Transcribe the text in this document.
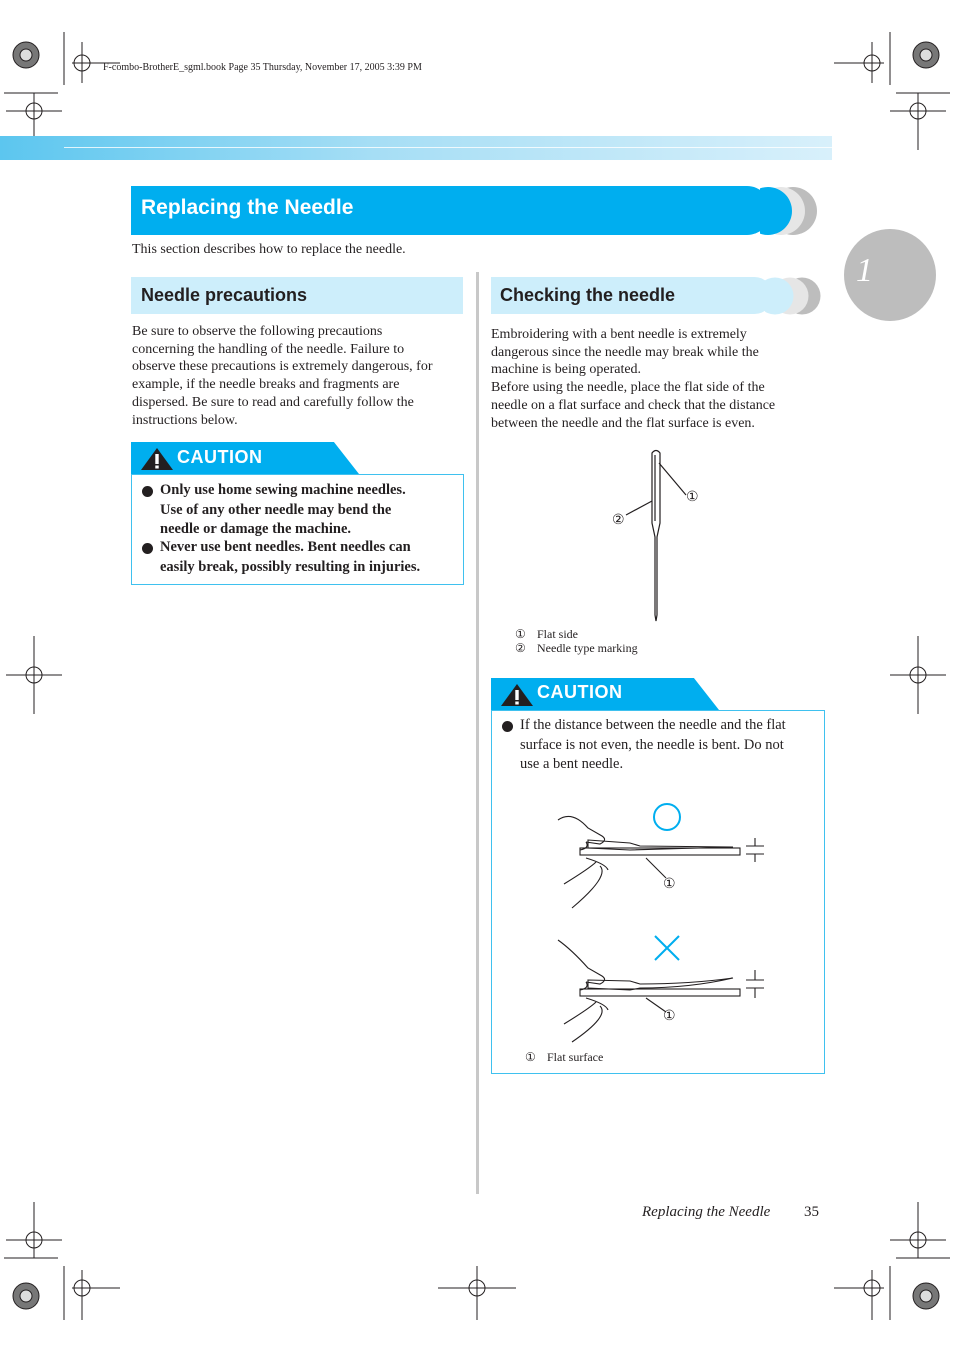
F-combo-BrotherE_sgml.book Page 35 Thursday, November 17, 2005 3:39 PM
Replacing the Needle
1
This section describes how to replace the needle.
Needle precautions
Be sure to observe the following precautions
concerning the handling of the needle. Failure to
observe these precautions is extremely dangerous, for
example, if the needle breaks and fragments are
dispersed. Be sure to read and carefully follow the
instructions below.
CAUTION
Only use home sewing machine needles.
Use of any other needle may bend the
needle or damage the machine.
Never use bent needles. Bent needles can
easily break, possibly resulting in injuries.
Checking the needle
Embroidering with a bent needle is extremely
dangerous since the needle may break while the
machine is being operated.
Before using the needle, place the flat side of the
needle on a flat surface and check that the distance
between the needle and the flat surface is even.
①
②
① Flat side
② Needle type marking
CAUTION
If the distance between the needle and the flat
surface is not even, the needle is bent. Do not
use a bent needle.
①
①
① Flat surface
Replacing the Needle	35
